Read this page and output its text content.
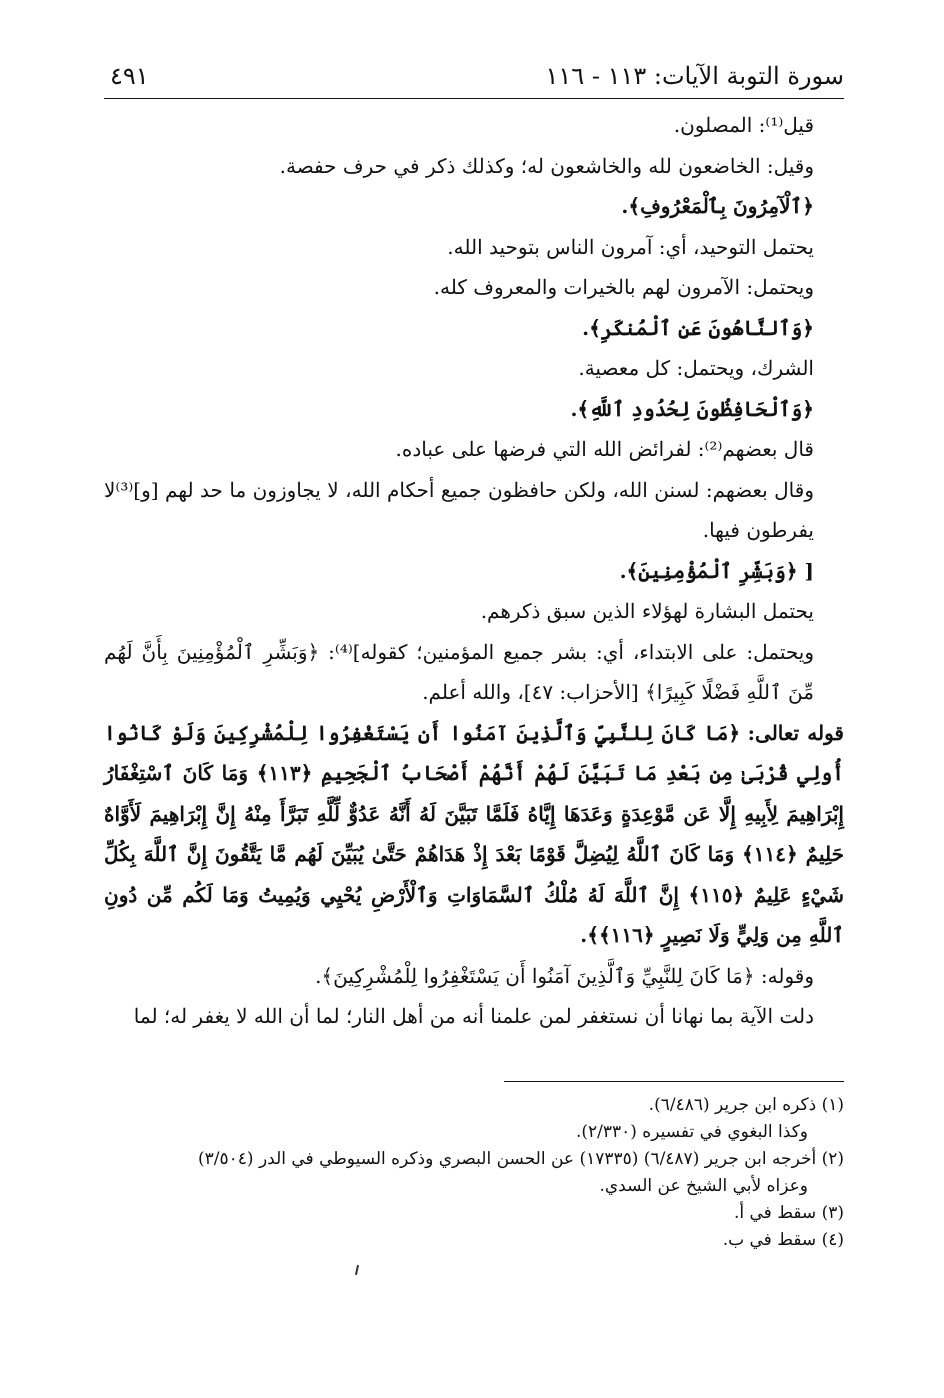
سورة التوبة الآيات: ١١٣ - ١١٦
٤٩١

قيل⁽¹⁾: المصلون.

وقيل: الخاضعون لله والخاشعون له؛ وكذلك ذكر في حرف حفصة.

﴿ٱلْآمِرُونَ بِٱلْمَعْرُوفِ﴾.

يحتمل التوحيد، أي: آمرون الناس بتوحيد الله.

ويحتمل: الآمرون لهم بالخيرات والمعروف كله.

﴿وَٱلنَّاهُونَ عَنِ ٱلْمُنكَرِ﴾.

الشرك، ويحتمل: كل معصية.

﴿وَٱلْحَافِظُونَ لِحُدُودِ ٱللَّهِ﴾.

قال بعضهم⁽²⁾: لفرائض الله التي فرضها على عباده.

وقال بعضهم: لسنن الله، ولكن حافظون جميع أحكام الله، لا يجاوزون ما حد لهم [و]⁽³⁾لا يفرطون فيها.

[ ﴿وَبَشِّرِ ٱلْمُؤْمِنِينَ﴾.

يحتمل البشارة لهؤلاء الذين سبق ذكرهم.

ويحتمل: على الابتداء، أي: بشر جميع المؤمنين؛ كقوله]⁽⁴⁾: ﴿وَبَشِّرِ ٱلْمُؤْمِنِينَ بِأَنَّ لَهُم مِّنَ ٱللَّهِ فَضْلًا كَبِيرًا﴾ [الأحزاب: ٤٧]، والله أعلم.

قوله تعالى: ﴿مَا كَانَ لِلنَّبِيِّ وَٱلَّذِينَ آمَنُوا أَن يَسْتَغْفِرُوا لِلْمُشْرِكِينَ وَلَوْ كَانُوا أُولِي قُرْبَىٰ مِن بَعْدِ مَا تَبَيَّنَ لَهُمْ أَنَّهُمْ أَصْحَابُ ٱلْجَحِيمِ ﴿١١٣﴾ وَمَا كَانَ ٱسْتِغْفَارُ إِبْرَاهِيمَ لِأَبِيهِ إِلَّا عَن مَّوْعِدَةٍ وَعَدَهَا إِيَّاهُ فَلَمَّا تَبَيَّنَ لَهُ أَنَّهُ عَدُوٌّ لِّلَّهِ تَبَرَّأَ مِنْهُ إِنَّ إِبْرَاهِيمَ لَأَوَّاهٌ حَلِيمٌ ﴿١١٤﴾ وَمَا كَانَ ٱللَّهُ لِيُضِلَّ قَوْمًا بَعْدَ إِذْ هَدَاهُمْ حَتَّىٰ يُبَيِّنَ لَهُم مَّا يَتَّقُونَ إِنَّ ٱللَّهَ بِكُلِّ شَيْءٍ عَلِيمٌ ﴿١١٥﴾ إِنَّ ٱللَّهَ لَهُ مُلْكُ ٱلسَّمَاوَاتِ وَٱلْأَرْضِ يُحْيِي وَيُمِيتُ وَمَا لَكُم مِّن دُونِ ٱللَّهِ مِن وَلِيٍّ وَلَا نَصِيرٍ ﴿١١٦﴾﴾.

وقوله: ﴿مَا كَانَ لِلنَّبِيِّ وَٱلَّذِينَ آمَنُوا أَن يَسْتَغْفِرُوا لِلْمُشْرِكِينَ﴾.

دلت الآية بما نهانا أن نستغفر لمن علمنا أنه من أهل النار؛ لما أن الله لا يغفر له؛ لما

(١) ذكره ابن جرير (٦/٤٨٦).

وكذا البغوي في تفسيره (٢/٣٣٠).

(٢) أخرجه ابن جرير (٦/٤٨٧) (١٧٣٣٥) عن الحسن البصري وذكره السيوطي في الدر (٣/٥٠٤)

وعزاه لأبي الشيخ عن السدي.

(٣) سقط في أ.

(٤) سقط في ب.
